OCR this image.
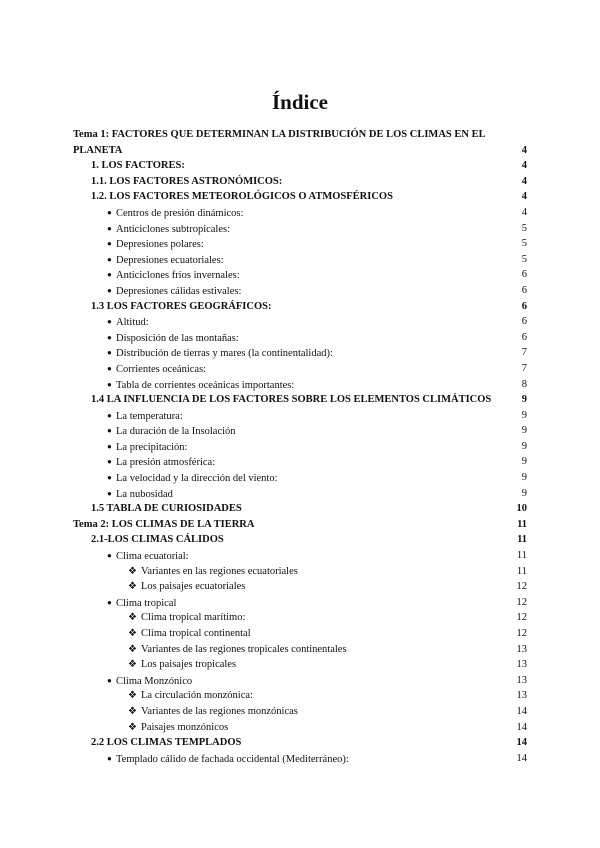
Índice
Tema 1: FACTORES QUE DETERMINAN LA DISTRIBUCIÓN DE LOS CLIMAS EN EL PLANETA	4
1. LOS FACTORES:	4
1.1. LOS FACTORES ASTRONÓMICOS:	4
1.2. LOS FACTORES METEOROLÓGICOS O ATMOSFÉRICOS	4
● Centros de presión dinámicos:	4
● Anticiclones subtropicales:	5
● Depresiones polares:	5
● Depresiones ecuatoriales:	5
● Anticiclones fríos invernales:	6
● Depresiones cálidas estivales:	6
1.3 LOS FACTORES GEOGRÁFICOS:	6
● Altitud:	6
● Disposición de las montañas:	6
● Distribución de tierras y mares (la continentalidad):	7
● Corrientes oceánicas:	7
● Tabla de corrientes oceánicas importantes:	8
1.4 LA INFLUENCIA DE LOS FACTORES SOBRE LOS ELEMENTOS CLIMÁTICOS	9
● La temperatura:	9
● La duración de la Insolación	9
● La precipitación:	9
● La presión atmosférica:	9
● La velocidad y la dirección del viento:	9
● La nubosidad	9
1.5 TABLA DE CURIOSIDADES	10
Tema 2: LOS CLIMAS DE LA TIERRA	11
2.1-LOS CLIMAS CÁLIDOS	11
● Clima ecuatorial:	11
❖ Variantes en las regiones ecuatoriales	11
❖ Los paisajes ecuatoriales	12
● Clima tropical	12
❖ Clima tropical marítimo:	12
❖ Clima tropical continental	12
❖ Variantes de las regiones tropicales continentales	13
❖ Los paisajes tropicales	13
● Clima Monzónico	13
❖ La circulación monzónica:	13
❖ Variantes de las regiones monzónicas	14
❖ Paisajes monzónicos	14
2.2 LOS CLIMAS TEMPLADOS	14
● Templado cálido de fachada occidental (Mediterráneo):	14
